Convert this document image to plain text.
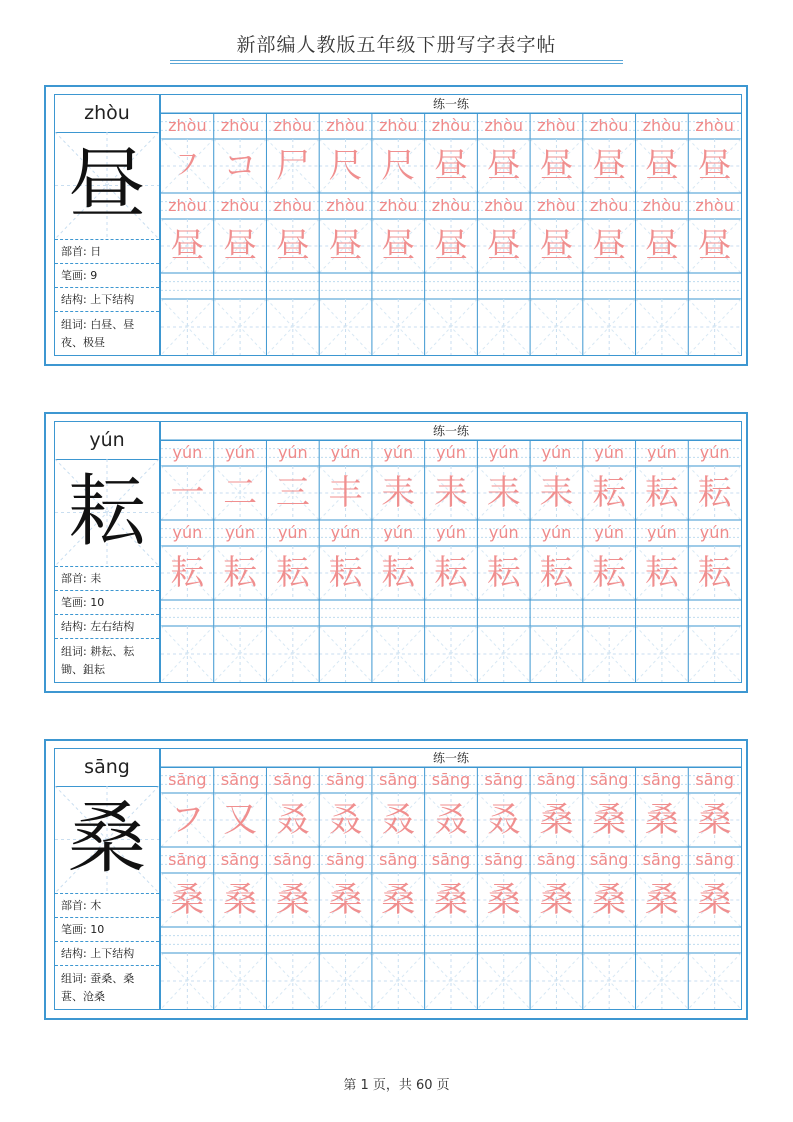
新部编人教版五年级下册写字表字帖
zhòu
昼
部首: 日
笔画: 9
结构: 上下结构
组词: 白昼、昼
夜、极昼
练一练
zhòu zhòu zhòu zhòu zhòu zhòu zhòu zhòu zhòu zhòu zhòu
㇇ コ 尸 尺 尺 昼 昼 昼 昼 昼 昼
zhòu zhòu zhòu zhòu zhòu zhòu zhòu zhòu zhòu zhòu zhòu
昼 昼 昼 昼 昼 昼 昼 昼 昼 昼 昼
yún
耘
部首: 耒
笔画: 10
结构: 左右结构
组词: 耕耘、耘
锄、鉏耘
练一练
yún	yún	yún	yún	yún	yún	yún	yún	yún	yún	yún
一 二 三 丰 耒 耒 耒 耒 耘 耘 耘
yún	yún	yún	yún	yún	yún	yún	yún	yún	yún	yún
耘 耘 耘 耘 耘 耘 耘 耘 耘 耘 耘
sāng
桑
部首: 木
笔画: 10
结构: 上下结构
组词: 蚕桑、桑
葚、沧桑
练一练
sāng sāng sāng sāng sāng sāng sāng sāng sāng sāng sāng
フ 又 叒 叒 叒 叒 叒 桑 桑 桑 桑
sāng sāng sāng sāng sāng sāng sāng sāng sāng sāng sāng
桑 桑 桑 桑 桑 桑 桑 桑 桑 桑 桑
第 1 页，共 60 页
